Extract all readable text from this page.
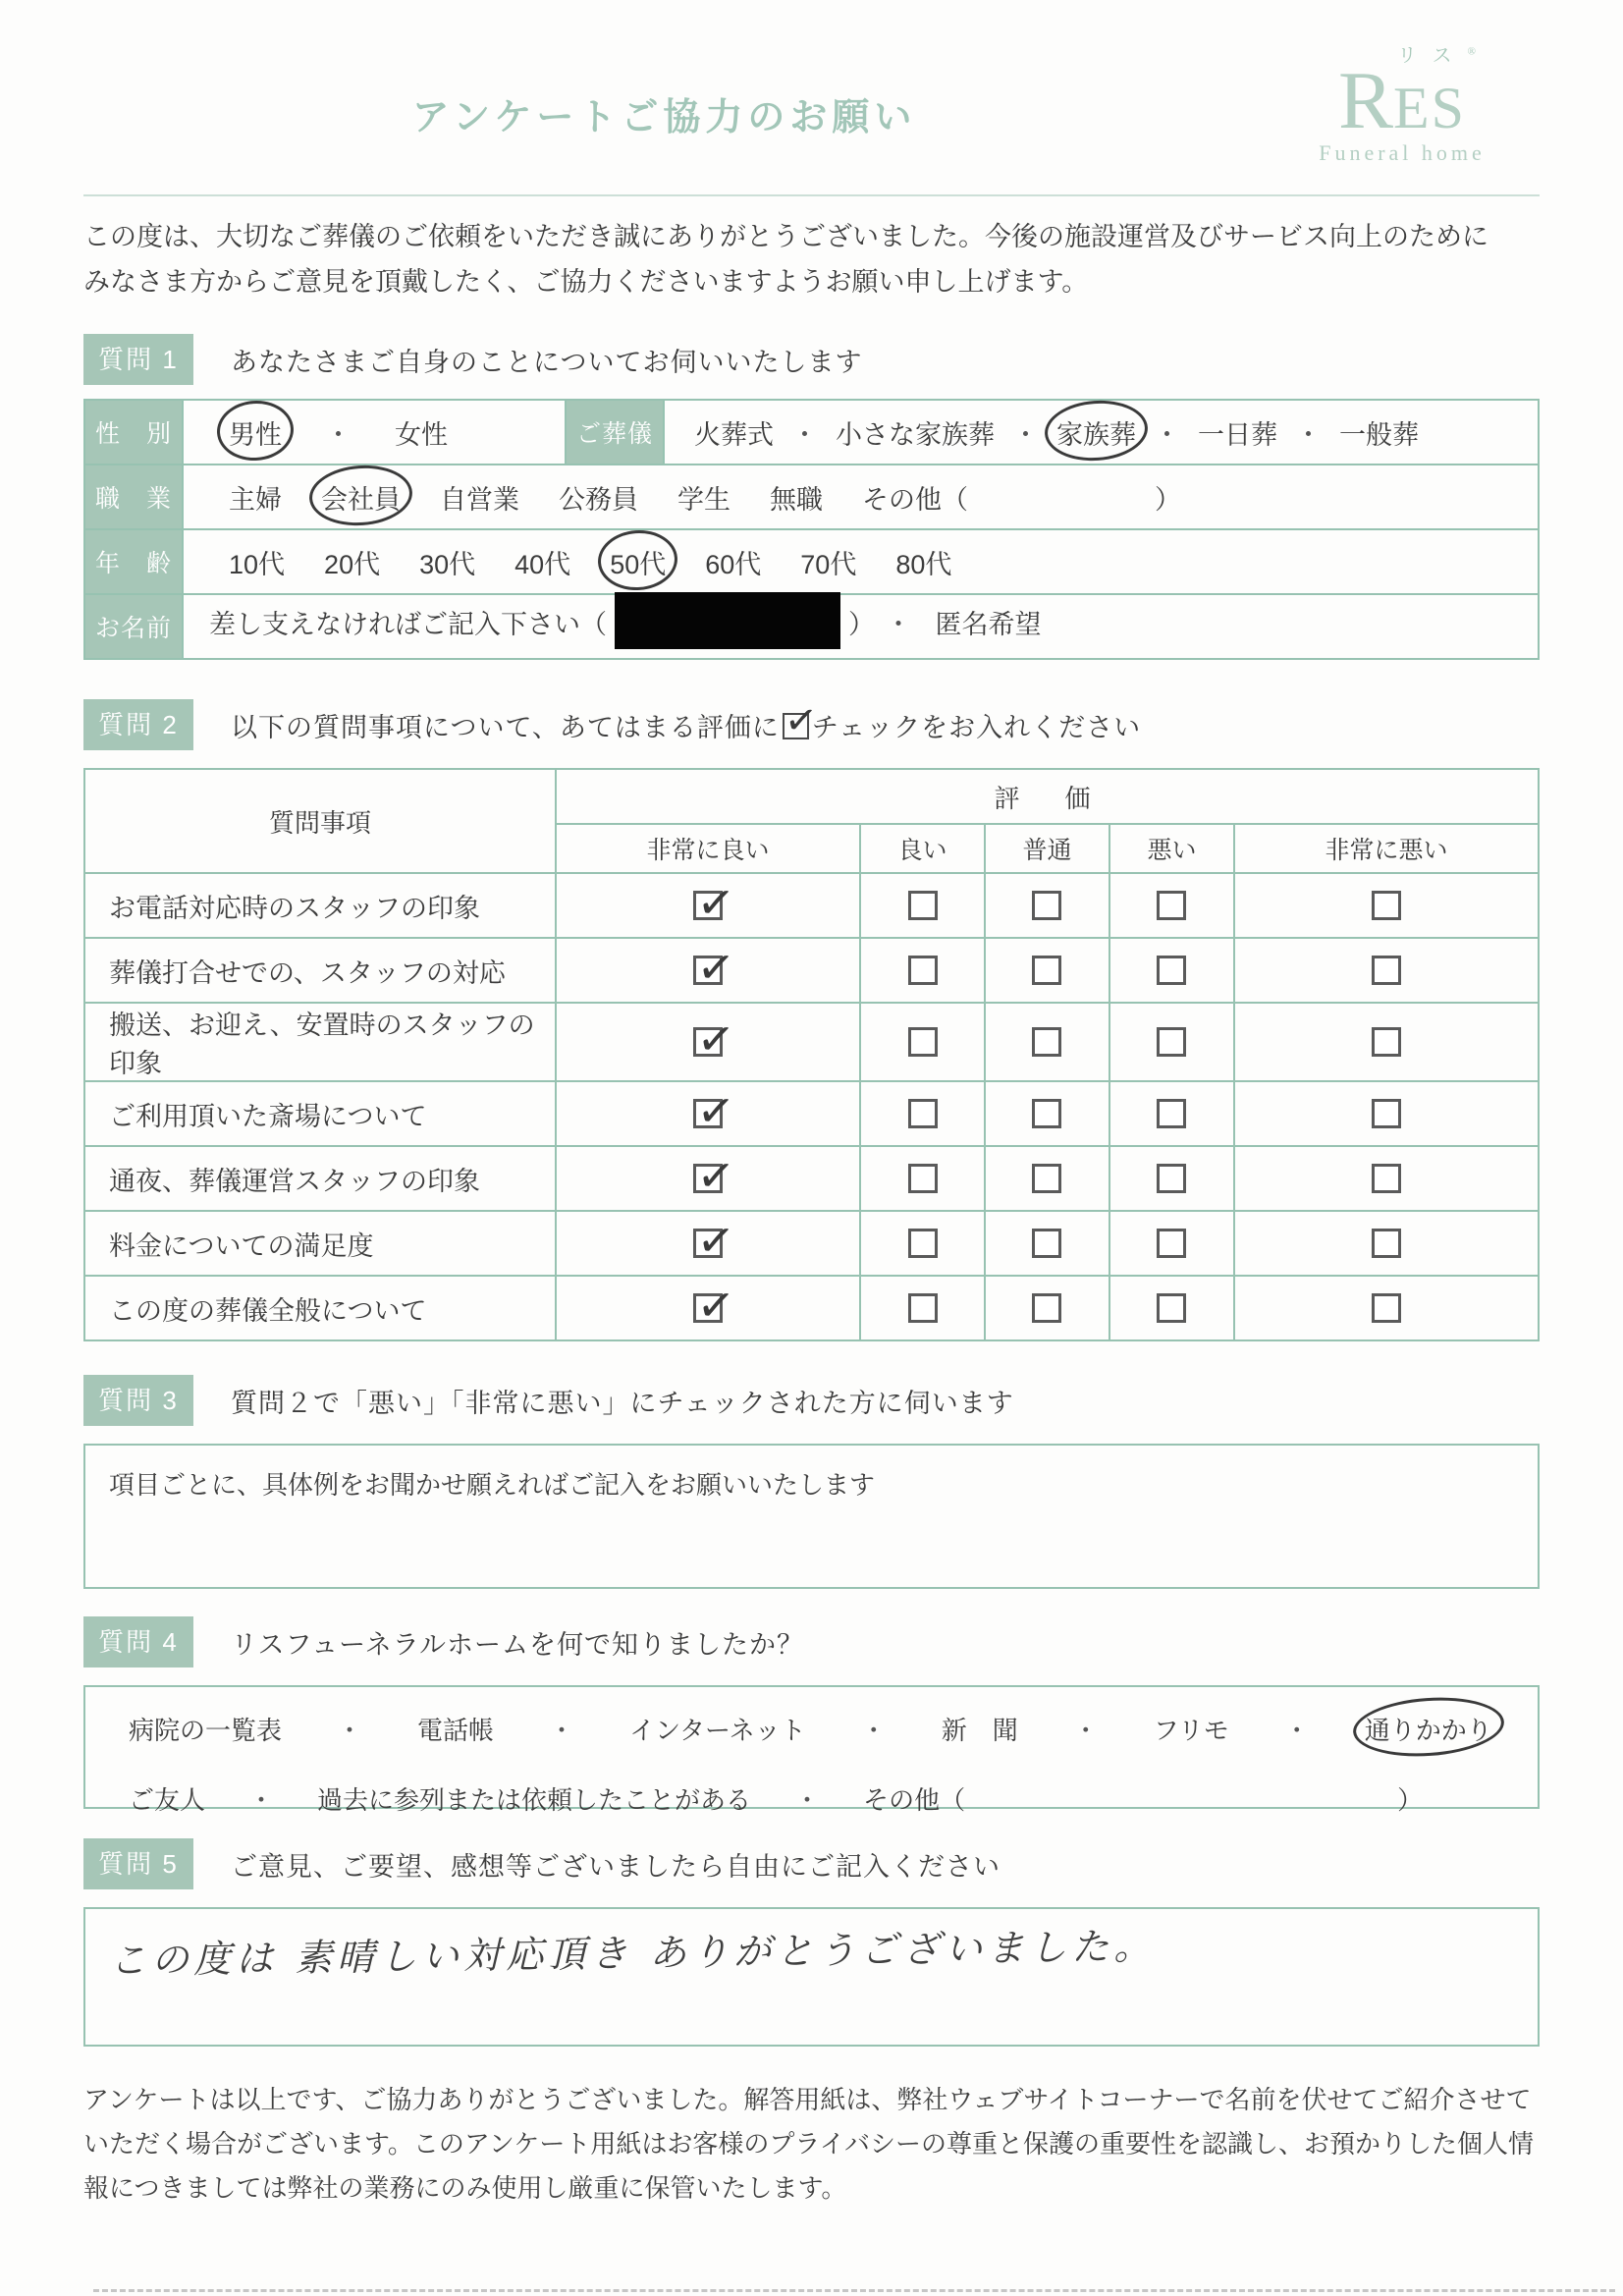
アンケートご協力のお願い
リス®
RES
Funeral home
この度は、大切なご葬儀のご依頼をいただき誠にありがとうございました。今後の施設運営及びサービス向上のために
みなさま方からご意見を頂戴したく、ご協力くださいますようお願い申し上げます。
質問 1	あなたさまご自身のことについてお伺いいたします
性　別	男性 ・ 女性	ご葬儀	火葬式 ・ 小さな家族葬 ・ 家族葬 ・ 一日葬 ・ 一般葬
職　業	主婦 会社員 自営業 公務員 学生 無職 その他（ ）		
年　齢	10代 20代 30代 40代 50代 60代 70代 80代		
お名前	差し支えなければご記入下さい（ ） ・ 匿名希望		
質問 2	以下の質問事項について、あてはまる評価に ✓ チェックをお入れください
質問事項	評　価				
	非常に良い	良い	普通	悪い	非常に悪い
お電話対応時のスタッフの印象	✓				
葬儀打合せでの、スタッフの対応	✓				
搬送、お迎え、安置時のスタッフの印象	✓				
ご利用頂いた斎場について	✓				
通夜、葬儀運営スタッフの印象	✓				
料金についての満足度	✓				
この度の葬儀全般について	✓				
質問 3	質問２で「悪い」「非常に悪い」にチェックされた方に伺います
項目ごとに、具体例をお聞かせ願えればご記入をお願いいたします
質問 4	リスフューネラルホームを何で知りましたか？
病院の一覧表 ・ 電話帳 ・ インターネット ・ 新　聞 ・ フリモ ・ 通りかかり
ご友人 ・ 過去に参列または依頼したことがある ・ その他（	）
質問 5	ご意見、ご要望、感想等ございましたら自由にご記入ください
この度は 素晴しい対応頂き ありがとうございました。

アンケートは以上です、ご協力ありがとうございました。解答用紙は、弊社ウェブサイトコーナーで名前を伏せてご紹介させていただく場合がございます。このアンケート用紙はお客様のプライバシーの尊重と保護の重要性を認識し、お預かりした個人情報につきましては弊社の業務にのみ使用し厳重に保管いたします。
